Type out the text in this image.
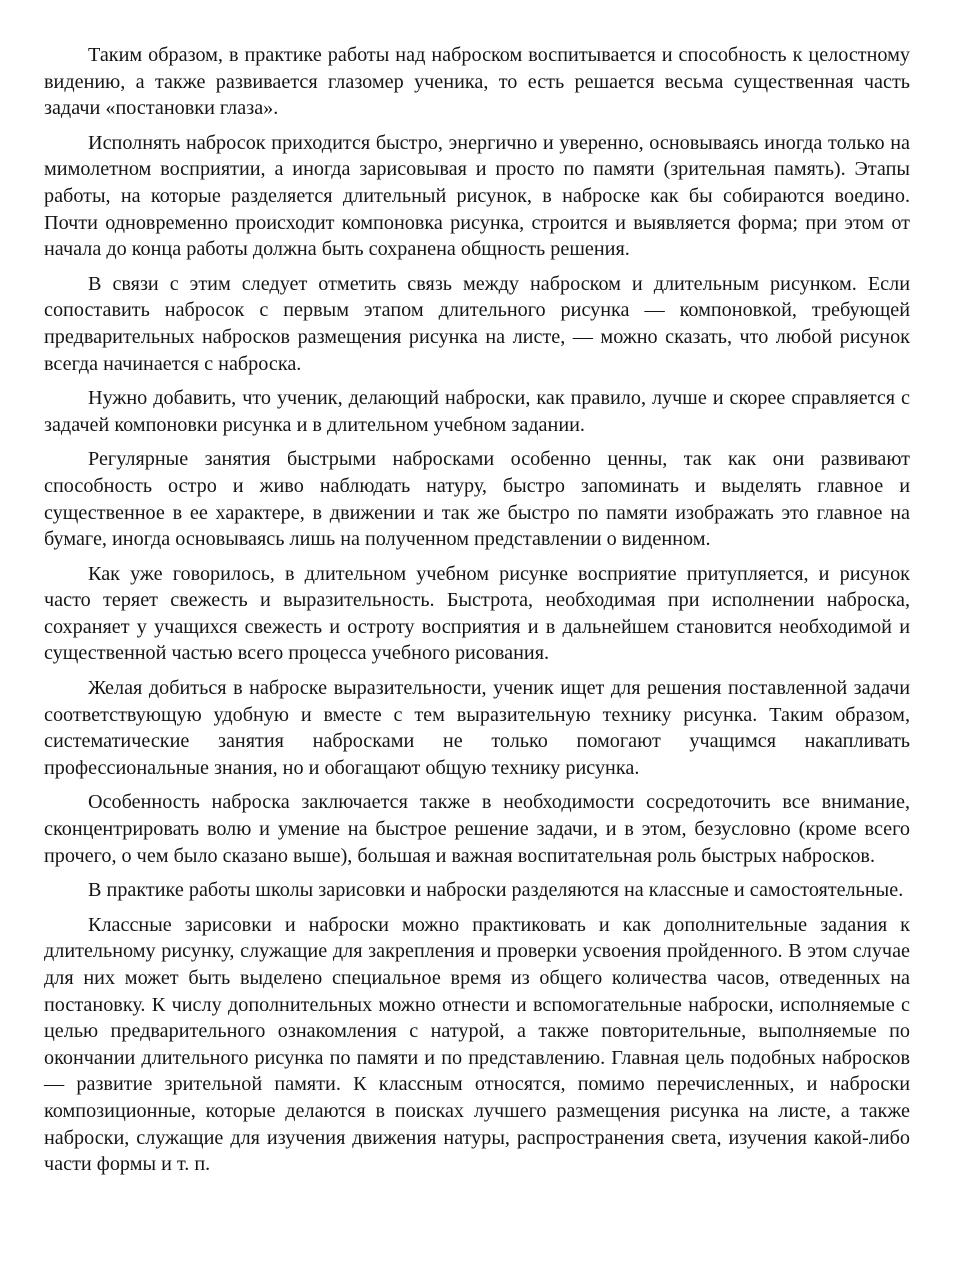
Таким образом, в практике работы над наброском воспитывается и способность к целостному видению, а также развивается глазомер ученика, то есть решается весьма существенная часть задачи «постановки глаза».

Исполнять набросок приходится быстро, энергично и уверенно, основываясь иногда только на мимолетном восприятии, а иногда зарисовывая и просто по памяти (зрительная память). Этапы работы, на которые разделяется длительный рисунок, в наброске как бы собираются воедино. Почти одновременно происходит компоновка рисунка, строится и выявляется форма; при этом от начала до конца работы должна быть сохранена общность решения.

В связи с этим следует отметить связь между наброском и длительным рисунком. Если сопоставить набросок с первым этапом длительного рисунка — компоновкой, требующей предварительных набросков размещения рисунка на листе, — можно сказать, что любой рисунок всегда начинается с наброска.

Нужно добавить, что ученик, делающий наброски, как правило, лучше и скорее справляется с задачей компоновки рисунка и в длительном учебном задании.

Регулярные занятия быстрыми набросками особенно ценны, так как они развивают способность остро и живо наблюдать натуру, быстро запоминать и выделять главное и существенное в ее характере, в движении и так же быстро по памяти изображать это главное на бумаге, иногда основываясь лишь на полученном представлении о виденном.

Как уже говорилось, в длительном учебном рисунке восприятие притупляется, и рисунок часто теряет свежесть и выразительность. Быстрота, необходимая при исполнении наброска, сохраняет у учащихся свежесть и остроту восприятия и в дальнейшем становится необходимой и существенной частью всего процесса учебного рисования.

Желая добиться в наброске выразительности, ученик ищет для решения поставленной задачи соответствующую удобную и вместе с тем выразительную технику рисунка. Таким образом, систематические занятия набросками не только помогают учащимся накапливать профессиональные знания, но и обогащают общую технику рисунка.

Особенность наброска заключается также в необходимости сосредоточить все внимание, сконцентрировать волю и умение на быстрое решение задачи, и в этом, безусловно (кроме всего прочего, о чем было сказано выше), большая и важная воспитательная роль быстрых набросков.

В практике работы школы зарисовки и наброски разделяются на классные и самостоятельные.

Классные зарисовки и наброски можно практиковать и как дополнительные задания к длительному рисунку, служащие для закрепления и проверки усвоения пройденного. В этом случае для них может быть выделено специальное время из общего количества часов, отведенных на постановку. К числу дополнительных можно отнести и вспомогательные наброски, исполняемые с целью предварительного ознакомления с натурой, а также повторительные, выполняемые по окончании длительного рисунка по памяти и по представлению. Главная цель подобных набросков — развитие зрительной памяти. К классным относятся, помимо перечисленных, и наброски композиционные, которые делаются в поисках лучшего размещения рисунка на листе, а также наброски, служащие для изучения движения натуры, распространения света, изучения какой-либо части формы и т. п.
